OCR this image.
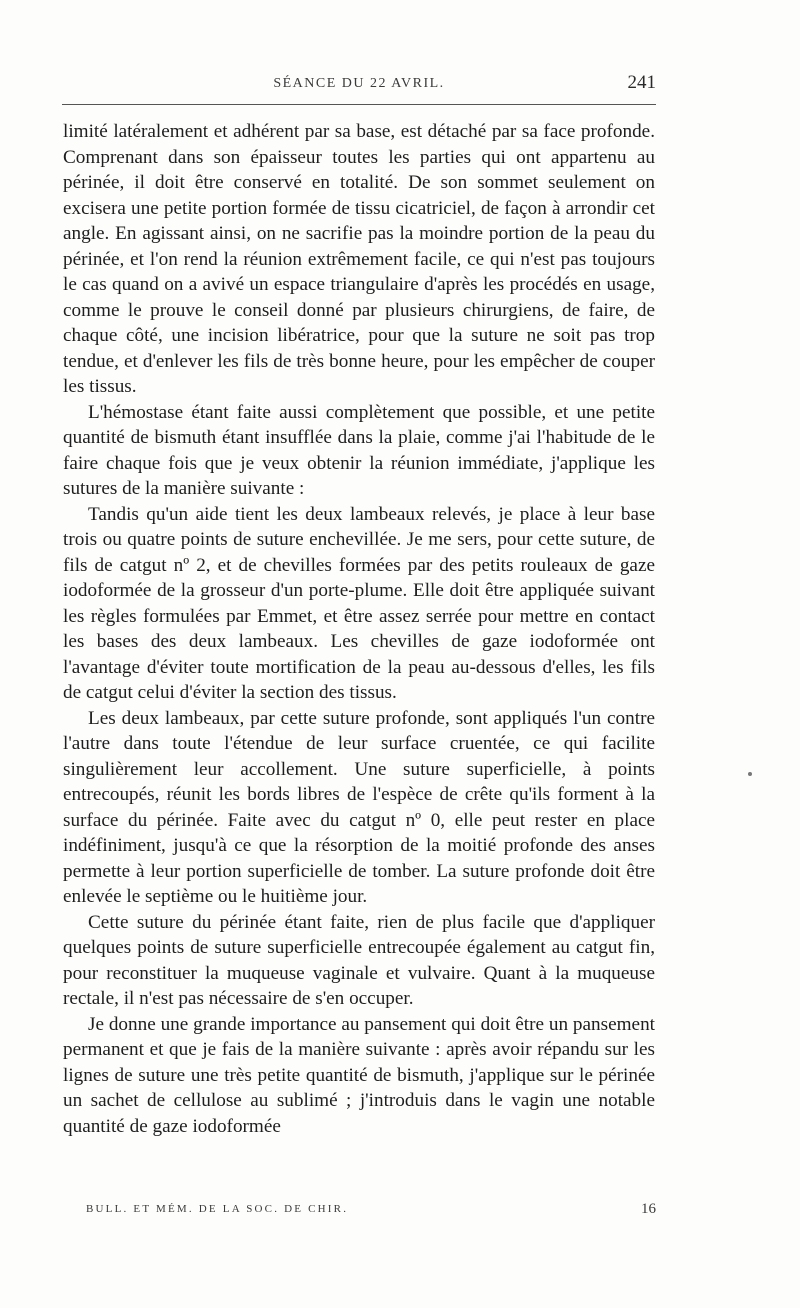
SÉANCE DU 22 AVRIL.	241

limité latéralement et adhérent par sa base, est détaché par sa face profonde. Comprenant dans son épaisseur toutes les parties qui ont appartenu au périnée, il doit être conservé en totalité. De son sommet seulement on excisera une petite portion formée de tissu cicatriciel, de façon à arrondir cet angle. En agissant ainsi, on ne sacrifie pas la moindre portion de la peau du périnée, et l'on rend la réunion extrêmement facile, ce qui n'est pas toujours le cas quand on a avivé un espace triangulaire d'après les procédés en usage, comme le prouve le conseil donné par plusieurs chirurgiens, de faire, de chaque côté, une incision libératrice, pour que la suture ne soit pas trop tendue, et d'enlever les fils de très bonne heure, pour les empêcher de couper les tissus.

L'hémostase étant faite aussi complètement que possible, et une petite quantité de bismuth étant insufflée dans la plaie, comme j'ai l'habitude de le faire chaque fois que je veux obtenir la réunion immédiate, j'applique les sutures de la manière suivante :

Tandis qu'un aide tient les deux lambeaux relevés, je place à leur base trois ou quatre points de suture enchevillée. Je me sers, pour cette suture, de fils de catgut nº 2, et de chevilles formées par des petits rouleaux de gaze iodoformée de la grosseur d'un porte-plume. Elle doit être appliquée suivant les règles formulées par Emmet, et être assez serrée pour mettre en contact les bases des deux lambeaux. Les chevilles de gaze iodoformée ont l'avantage d'éviter toute mortification de la peau au-dessous d'elles, les fils de catgut celui d'éviter la section des tissus.

Les deux lambeaux, par cette suture profonde, sont appliqués l'un contre l'autre dans toute l'étendue de leur surface cruentée, ce qui facilite singulièrement leur accollement. Une suture superficielle, à points entrecoupés, réunit les bords libres de l'espèce de crête qu'ils forment à la surface du périnée. Faite avec du catgut nº 0, elle peut rester en place indéfiniment, jusqu'à ce que la résorption de la moitié profonde des anses permette à leur portion superficielle de tomber. La suture profonde doit être enlevée le septième ou le huitième jour.

Cette suture du périnée étant faite, rien de plus facile que d'appliquer quelques points de suture superficielle entrecoupée également au catgut fin, pour reconstituer la muqueuse vaginale et vulvaire. Quant à la muqueuse rectale, il n'est pas nécessaire de s'en occuper.

Je donne une grande importance au pansement qui doit être un pansement permanent et que je fais de la manière suivante : après avoir répandu sur les lignes de suture une très petite quantité de bismuth, j'applique sur le périnée un sachet de cellulose au sublimé ; j'introduis dans le vagin une notable quantité de gaze iodoformée

BULL. ET MÉM. DE LA SOC. DE CHIR.	16
